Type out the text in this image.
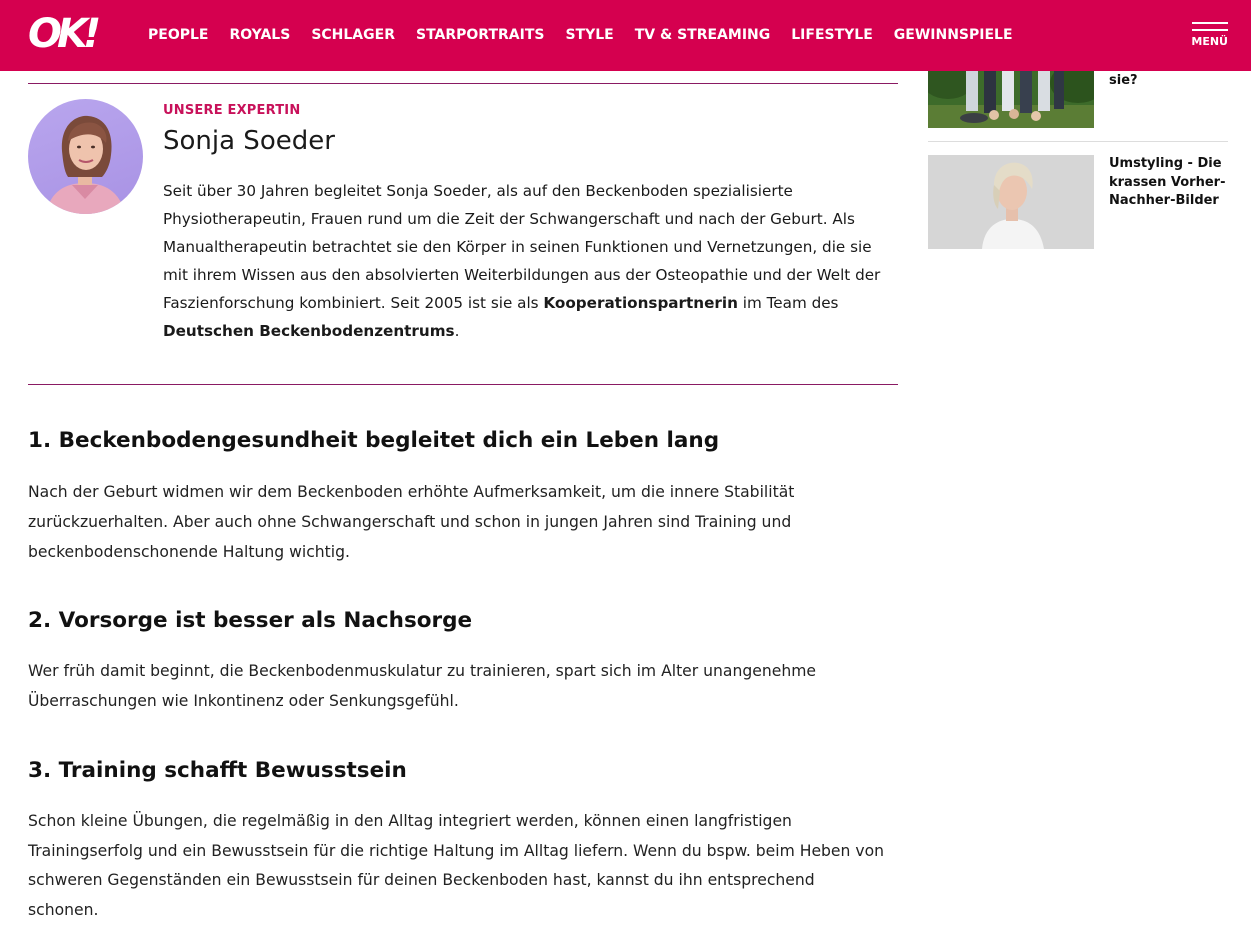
OK!	PEOPLE ROYALS SCHLAGER STARPORTRAITS STYLE TV & STREAMING LIFESTYLE GEWINNSPIELE	MENÜ
UNSERE EXPERTIN
Sonja Soeder

Seit über 30 Jahren begleitet Sonja Soeder, als auf den Beckenboden spezialisierte Physiotherapeutin, Frauen rund um die Zeit der Schwangerschaft und nach der Geburt. Als Manualtherapeutin betrachtet sie den Körper in seinen Funktionen und Vernetzungen, die sie mit ihrem Wissen aus den absolvierten Weiterbildungen aus der Osteopathie und der Welt der Faszienforschung kombiniert. Seit 2005 ist sie als Kooperationspartnerin im Team des Deutschen Beckenbodenzentrums.

1. Beckenbodengesundheit begleitet dich ein Leben lang

Nach der Geburt widmen wir dem Beckenboden erhöhte Aufmerksamkeit, um die innere Stabilität zurückzuerhalten. Aber auch ohne Schwangerschaft und schon in jungen Jahren sind Training und beckenbodenschonende Haltung wichtig.

2. Vorsorge ist besser als Nachsorge

Wer früh damit beginnt, die Beckenbodenmuskulatur zu trainieren, spart sich im Alter unangenehme Überraschungen wie Inkontinenz oder Senkungsgefühl.

3. Training schafft Bewusstsein

Schon kleine Übungen, die regelmäßig in den Alltag integriert werden, können einen langfristigen Trainingserfolg und ein Bewusstsein für die richtige Haltung im Alltag liefern. Wenn du bspw. beim Heben von schweren Gegenständen ein Bewusstsein für deinen Beckenboden hast, kannst du ihn entsprechend schonen.

sie?

Umstyling - Die krassen Vorher-Nachher-Bilder
